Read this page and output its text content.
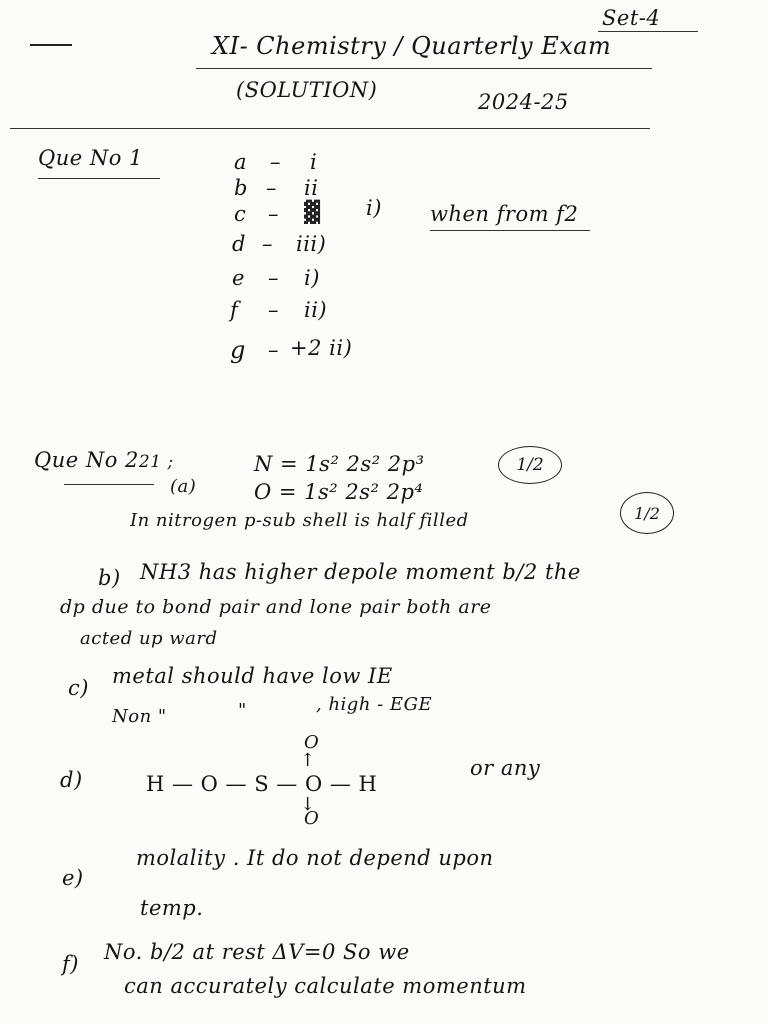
Set-4
XI- Chemistry / Quarterly Exam
(SOLUTION)	2024-25
Que No 1	a – i
b – ii
c – ▓ i) when from f2
d – iii)
e – i)
f – ii)
g – +2 ii)
Que No 221 ;
(a)
N = 1s² 2s² 2p³	1/2
O = 1s² 2s² 2p⁴
In nitrogen p-sub shell is half filled	1/2
b) NH3 has higher depole moment b/2 the
dp due to bond pair and lone pair both are
acted up ward
c) metal should have low IE
Non "	"	, high - EGE
d)
O
↑
H — O — S — O — H
↓
O
or any
e)
molality . It do not depend upon
temp.
f) No. b/2 at rest ΔV=0 So we
can accurately calculate momentum
